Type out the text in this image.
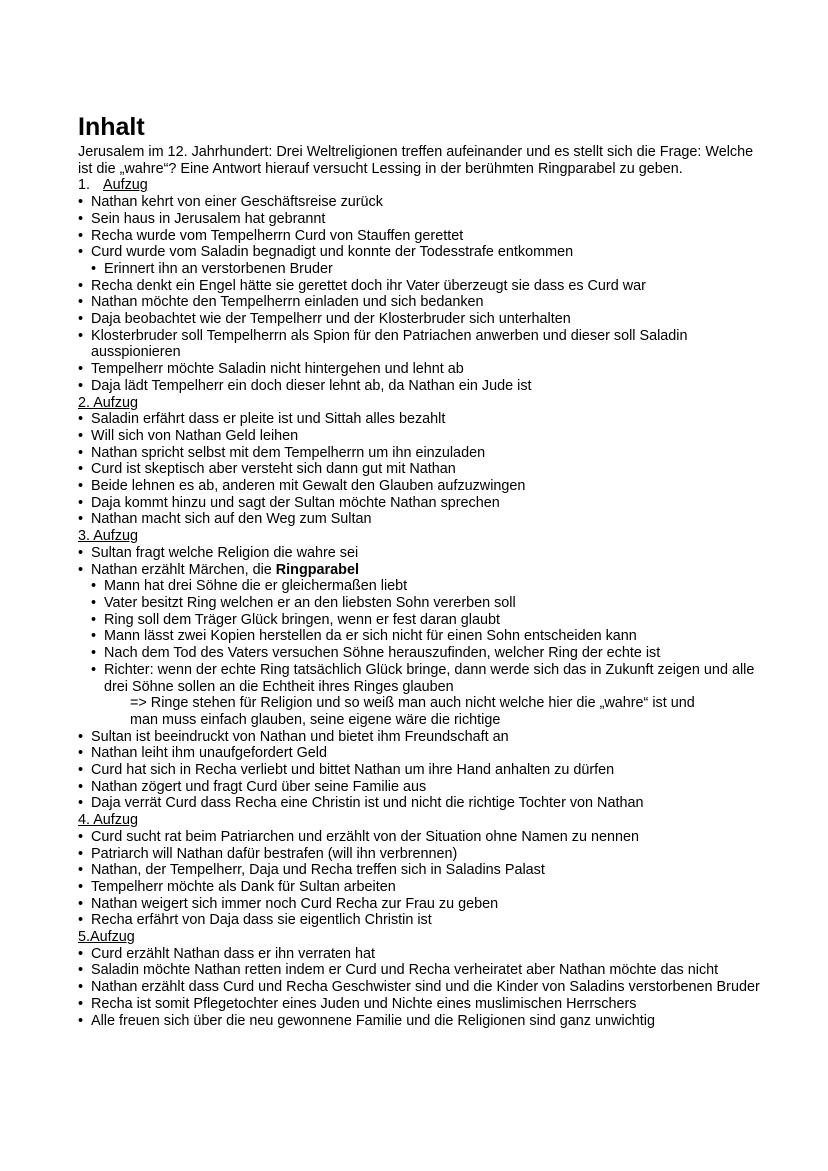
Inhalt

Jerusalem im 12. Jahrhundert: Drei Weltreligionen treffen aufeinander und es stellt sich die Frage: Welche ist die „wahre“? Eine Antwort hierauf versucht Lessing in der berühmten Ringparabel zu geben.

1. Aufzug
• Nathan kehrt von einer Geschäftsreise zurück
• Sein haus in Jerusalem hat gebrannt
• Recha wurde vom Tempelherrn Curd von Stauffen gerettet
• Curd wurde vom Saladin begnadigt und konnte der Todesstrafe entkommen
• Erinnert ihn an verstorbenen Bruder
• Recha denkt ein Engel hätte sie gerettet doch ihr Vater überzeugt sie dass es Curd war
• Nathan möchte den Tempelherrn einladen und sich bedanken
• Daja beobachtet wie der Tempelherr und der Klosterbruder sich unterhalten
• Klosterbruder soll Tempelherrn als Spion für den Patriachen anwerben und dieser soll Saladin ausspionieren
• Tempelherr möchte Saladin nicht hintergehen und lehnt ab
• Daja lädt Tempelherr ein doch dieser lehnt ab, da Nathan ein Jude ist
2. Aufzug
• Saladin erfährt dass er pleite ist und Sittah alles bezahlt
• Will sich von Nathan Geld leihen
• Nathan spricht selbst mit dem Tempelherrn um ihn einzuladen
• Curd ist skeptisch aber versteht sich dann gut mit Nathan
• Beide lehnen es ab, anderen mit Gewalt den Glauben aufzuzwingen
• Daja kommt hinzu und sagt der Sultan möchte Nathan sprechen
• Nathan macht sich auf den Weg zum Sultan
3. Aufzug
• Sultan fragt welche Religion die wahre sei
• Nathan erzählt Märchen, die Ringparabel
• Mann hat drei Söhne die er gleichermaßen liebt
• Vater besitzt Ring welchen er an den liebsten Sohn vererben soll
• Ring soll dem Träger Glück bringen, wenn er fest daran glaubt
• Mann lässt zwei Kopien herstellen da er sich nicht für einen Sohn entscheiden kann
• Nach dem Tod des Vaters versuchen Söhne herauszufinden, welcher Ring der echte ist
• Richter: wenn der echte Ring tatsächlich Glück bringe, dann werde sich das in Zukunft zeigen und alle drei Söhne sollen an die Echtheit ihres Ringes glauben
=> Ringe stehen für Religion und so weiß man auch nicht welche hier die „wahre“ ist und
man muss einfach glauben, seine eigene wäre die richtige
• Sultan ist beeindruckt von Nathan und bietet ihm Freundschaft an
• Nathan leiht ihm unaufgefordert Geld
• Curd hat sich in Recha verliebt und bittet Nathan um ihre Hand anhalten zu dürfen
• Nathan zögert und fragt Curd über seine Familie aus
• Daja verrät Curd dass Recha eine Christin ist und nicht die richtige Tochter von Nathan
4. Aufzug
• Curd sucht rat beim Patriarchen und erzählt von der Situation ohne Namen zu nennen
• Patriarch will Nathan dafür bestrafen (will ihn verbrennen)
• Nathan, der Tempelherr, Daja und Recha treffen sich in Saladins Palast
• Tempelherr möchte als Dank für Sultan arbeiten
• Nathan weigert sich immer noch Curd Recha zur Frau zu geben
• Recha erfährt von Daja dass sie eigentlich Christin ist
5.Aufzug
• Curd erzählt Nathan dass er ihn verraten hat
• Saladin möchte Nathan retten indem er Curd und Recha verheiratet aber Nathan möchte das nicht
• Nathan erzählt dass Curd und Recha Geschwister sind und die Kinder von Saladins verstorbenen Bruder
• Recha ist somit Pflegetochter eines Juden und Nichte eines muslimischen Herrschers
• Alle freuen sich über die neu gewonnene Familie und die Religionen sind ganz unwichtig
